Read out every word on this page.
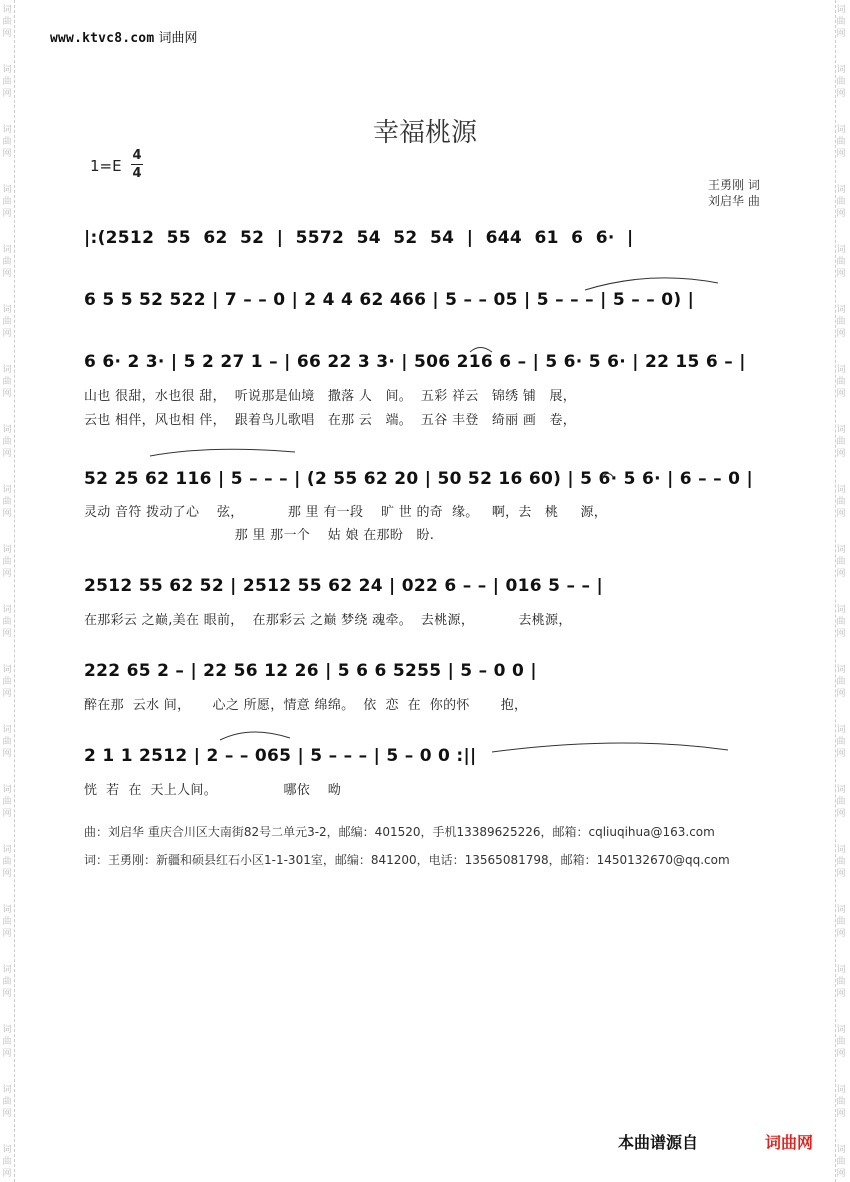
词
曲
网
词
曲
网
词
曲
网
词
曲
网
词
曲
网
词
曲
网
词
曲
网
词
曲
网
词
曲
网
词
曲
网
词
曲
网
词
曲
网
词
曲
网
词
曲
网
词
曲
网
词
曲
网
词
曲
网
词
曲
网
词
曲
网
词
曲
网
词
曲
网
词
曲
网
词
曲
网
词
曲
网
词
曲
网
词
曲
网
词
曲
网
词
曲
网
词
曲
网
词
曲
网
词
曲
网
词
曲
网
词
曲
网
词
曲
网
词
曲
网
词
曲
网
词
曲
网
词
曲
网
词
曲
网
词
曲
网
www.ktvc8.com 词曲网
幸福桃源
1=E
4
4
王勇刚 词
刘启华 曲
|:(2512  55  62  52  |  5572  54  52  54  |  644  61  6  6·  |
6 5 5 52 522 | 7 – – 0 | 2 4 4 62 466 | 5 – – 05 | 5 – – – | 5 – – 0) |
6 6· 2 3· | 5 2 27 1 – | 66 22 3 3· | 506 216 6 – | 5 6· 5 6· | 22 15 6 – |
山也 很甜，水也很 甜，  听说那是仙境   撒落 人   间。  五彩 祥云   锦绣 铺   展，
云也 相伴，风也相 伴，  跟着鸟儿歌唱   在那 云   端。  五谷 丰登   绮丽 画   卷，
52 25 62 116 | 5 – – – | (2 55 62 20 | 50 52 16 60) | 5 6· 5 6· | 6 – – 0 |
灵动 音符 拨动了心    弦，          那 里 有一段    旷 世 的奇  缘。   啊，去   桃     源，
那 里 那一个    姑 娘 在那盼   盼.
2512 55 62 52 | 2512 55 62 24 | 022 6 – – | 016 5 – – |
在那彩云 之巅,美在 眼前，  在那彩云 之巅 梦绕 魂牵。  去桃源，          去桃源，
222 65 2 – | 22 56 12 26 | 5 6 6 5255 | 5 – 0 0 |
醉在那  云水 间，     心之 所愿，情意 绵绵。  依  恋  在  你的怀       抱，
2 1 1 2512 | 2 – – 065 | 5 – – – | 5 – 0 0 :||
恍  若  在  天上人间。               哪依    呦
曲：刘启华 重庆合川区大南街82号二单元3-2，邮编：401520，手机13389625226，邮箱：cqliuqihua@163.com
词：王勇刚：新疆和硕县红石小区1-1-301室，邮编：841200，电话：13565081798，邮箱：1450132670@qq.com
本曲谱源自	词曲网
